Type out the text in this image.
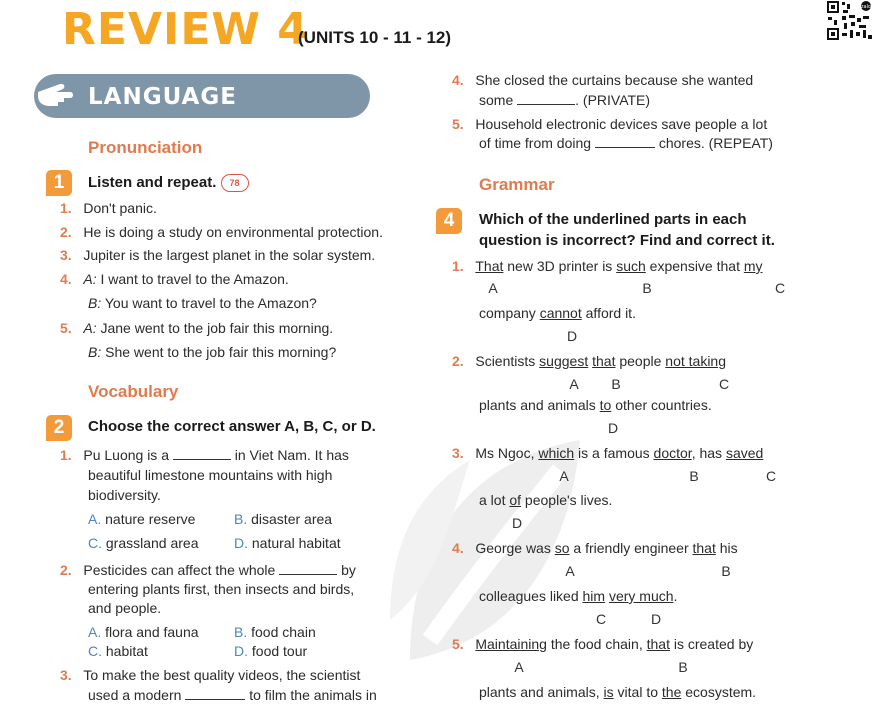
REVIEW 4
(UNITS 10 - 11 - 12)
zalo
LANGUAGE
Pronunciation
1	Listen and repeat. 78
1. Don't panic.
2. He is doing a study on environmental protection.
3. Jupiter is the largest planet in the solar system.
4. A: I want to travel to the Amazon.
B: You want to travel to the Amazon?
5. A: Jane went to the job fair this morning.
B: She went to the job fair this morning?
Vocabulary
2	Choose the correct answer A, B, C, or D.
1. Pu Luong is a	in Viet Nam. It has
beautiful limestone mountains with high
biodiversity.
A. nature reserve	B. disaster area
C. grassland area	D. natural habitat
2. Pesticides can affect the whole	by
entering plants first, then insects and birds,
and people.
A. flora and fauna	B. food chain
C. habitat	D. food tour
3. To make the best quality videos, the scientist
used a modern	to film the animals in
4. She closed the curtains because she wanted
some	. (PRIVATE)
5. Household electronic devices save people a lot
of time from doing	chores. (REPEAT)
Grammar
4	Which of the underlined parts in each
question is incorrect? Find and correct it.
1. That new 3D printer is such expensive that my
A	B	C
company cannot afford it.
D
2. Scientists suggest that people not taking
A	B	C
plants and animals to other countries.
D
3. Ms Ngoc, which is a famous doctor, has saved
A	B	C
a lot of people's lives.
D
4. George was so a friendly engineer that his
A	B
colleagues liked him very much.
C	D
5. Maintaining the food chain, that is created by
A	B
plants and animals, is vital to the ecosystem.
